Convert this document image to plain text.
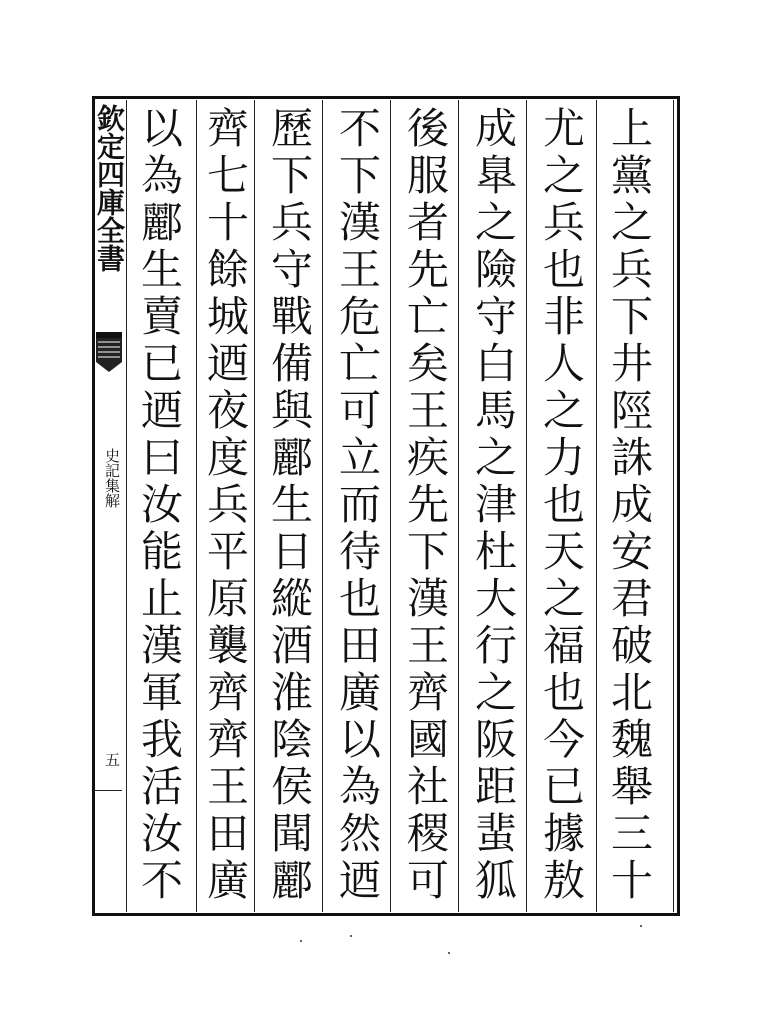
欽定四庫全書
史記集解
五
上黨之兵下井陘誅成安君破北魏舉三十
尤之兵也非人之力也天之福也今已據敖
成臯之險守白馬之津杜大行之阪距蜚狐
後服者先亡矣王疾先下漢王齊國社稷可
不下漢王危亡可立而待也田廣以為然迺
歷下兵守戰備與酈生日縱酒淮陰侯聞酈
齊七十餘城迺夜度兵平原襲齊齊王田廣
以為酈生賣已迺曰汝能止漢軍我活汝不
